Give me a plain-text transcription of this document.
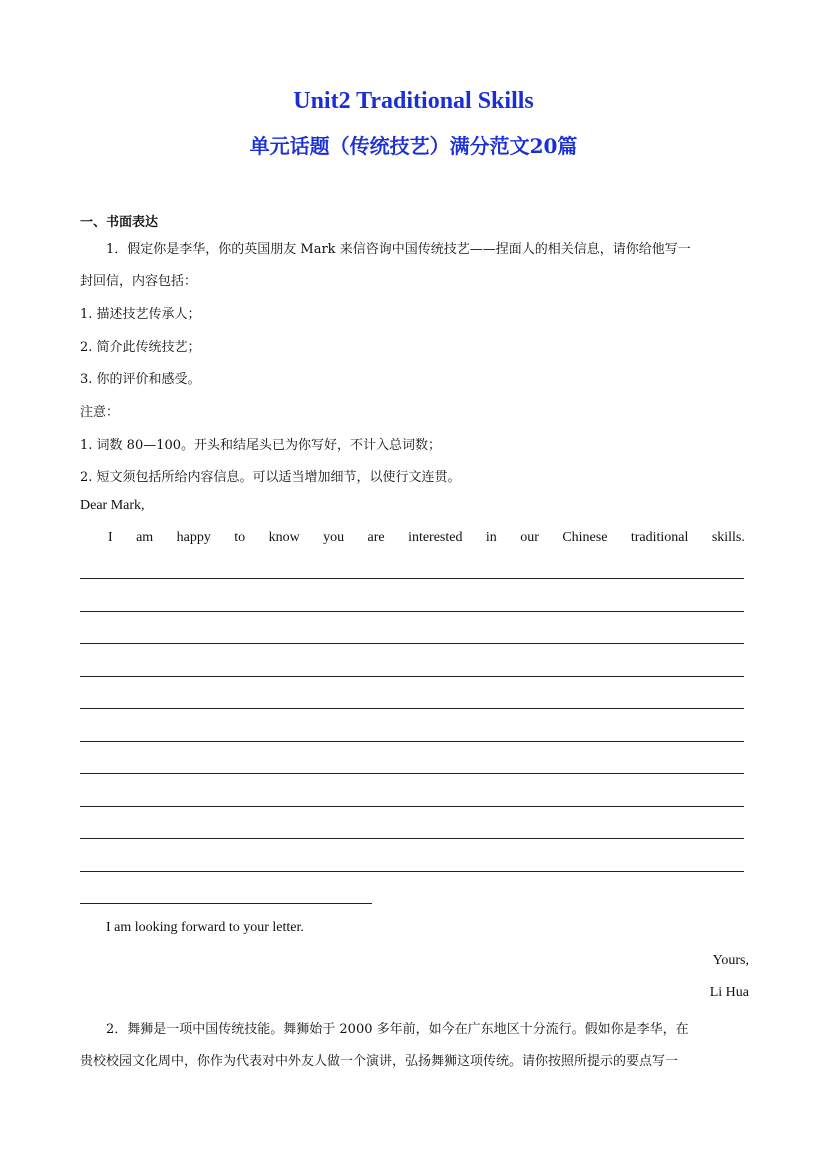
Unit2 Traditional Skills
单元话题（传统技艺）满分范文20篇
一、书面表达
1．假定你是李华，你的英国朋友 Mark 来信咨询中国传统技艺——捏面人的相关信息，请你给他写一
封回信，内容包括：
1. 描述技艺传承人；
2. 简介此传统技艺；
3. 你的评价和感受。
注意：
1. 词数 80—100。开头和结尾头已为你写好，不计入总词数；
2. 短文须包括所给内容信息。可以适当增加细节，以使行文连贯。
Dear Mark,
I am happy to know you are interested in our Chinese traditional skills.
I am looking forward to your letter.
Yours,
Li Hua
2．舞狮是一项中国传统技能。舞狮始于 2000 多年前，如今在广东地区十分流行。假如你是李华，在
贵校校园文化周中，你作为代表对中外友人做一个演讲，弘扬舞狮这项传统。请你按照所提示的要点写一
